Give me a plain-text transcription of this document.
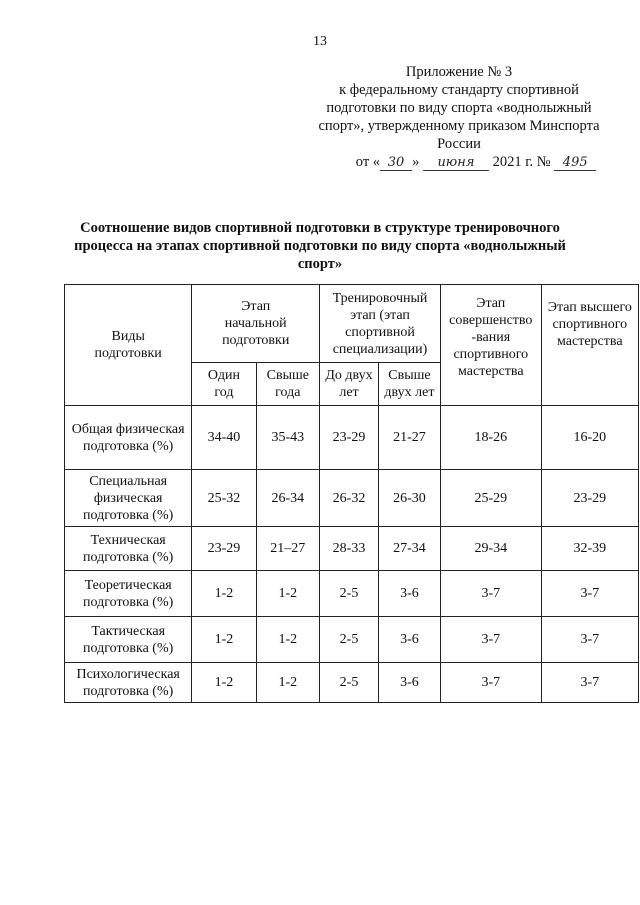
13
Приложение № 3
к федеральному стандарту спортивной
подготовки по виду спорта «воднолыжный
спорт», утвержденному приказом Минспорта
России
от « 30 » июня 2021 г. № 495
Соотношение видов спортивной подготовки в структуре тренировочного процесса на этапах спортивной подготовки по виду спорта «воднолыжный спорт»
Виды подготовки	Этап начальной подготовки		Тренировочный этап (этап спортивной специализации)		Этап совершенство -вания спортивного мастерства	Этап высшего спортивного мастерства
	Один год	Свыше года	До двух лет	Свыше двух лет		
Общая физическая подготовка (%)	34-40	35-43	23-29	21-27	18-26	16-20
Специальная физическая подготовка (%)	25-32	26-34	26-32	26-30	25-29	23-29
Техническая подготовка (%)	23-29	21–27	28-33	27-34	29-34	32-39
Теоретическая подготовка (%)	1-2	1-2	2-5	3-6	3-7	3-7
Тактическая подготовка (%)	1-2	1-2	2-5	3-6	3-7	3-7
Психологическая подготовка (%)	1-2	1-2	2-5	3-6	3-7	3-7
